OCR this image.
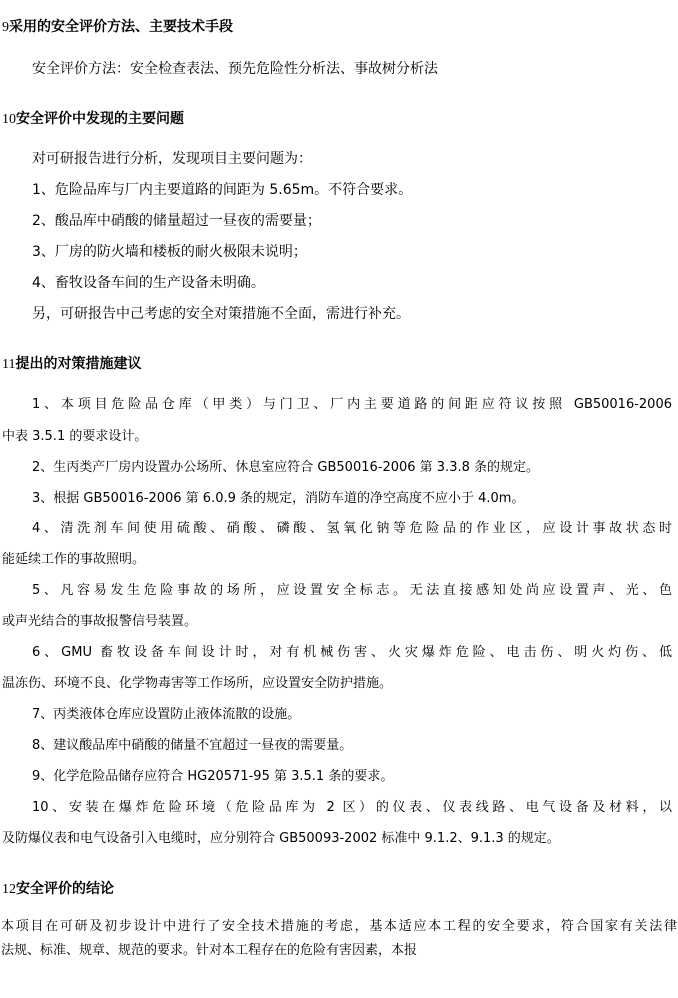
9采用的安全评价方法、主要技术手段
安全评价方法：安全检查表法、预先危险性分析法、事故树分析法
10安全评价中发现的主要问题
对可研报告进行分析，发现项目主要问题为：
1、危险品库与厂内主要道路的间距为 5.65m。不符合要求。
2、酸品库中硝酸的储量超过一昼夜的需要量；
3、厂房的防火墙和楼板的耐火极限未说明；
4、畜牧设备车间的生产设备未明确。
另，可研报告中己考虑的安全对策措施不全面，需进行补充。
11提出的对策措施建议
1、本项目危险品仓库（甲类）与门卫、厂内主要道路的间距应符议按照 GB50016-2006
中表 3.5.1 的要求设计。
2、生丙类产厂房内设置办公场所、休息室应符合 GB50016-2006 第 3.3.8 条的规定。
3、根据 GB50016-2006 第 6.0.9 条的规定，消防车道的净空高度不应小于 4.0m。
4、清洗剂车间使用硫酸、硝酸、磷酸、氢氧化钠等危险品的作业区，应设计事故状态时
能延续工作的事故照明。
5、凡容易发生危险事故的场所，应设置安全标志。无法直接感知处尚应设置声、光、色
或声光结合的事故报警信号装置。
6、GMU 畜牧设备车间设计时，对有机械伤害、火灾爆炸危险、电击伤、明火灼伤、低
温冻伤、环境不良、化学物毒害等工作场所，应设置安全防护措施。
7、丙类液体仓库应设置防止液体流散的设施。
8、建议酸品库中硝酸的储量不宜超过一昼夜的需要量。
9、化学危险品储存应符合 HG20571-95 第 3.5.1 条的要求。
10、安装在爆炸危险环境（危险品库为 2 区）的仪表、仪表线路、电气设备及材料，以
及防爆仪表和电气设备引入电缆时，应分别符合 GB50093-2002 标准中 9.1.2、9.1.3 的规定。
12安全评价的结论
本项目在可研及初步设计中进行了安全技术措施的考虑，基本适应本工程的安全要求，符合国家有关法律
法规、标准、规章、规范的要求。针对本工程存在的危险有害因素，本报
